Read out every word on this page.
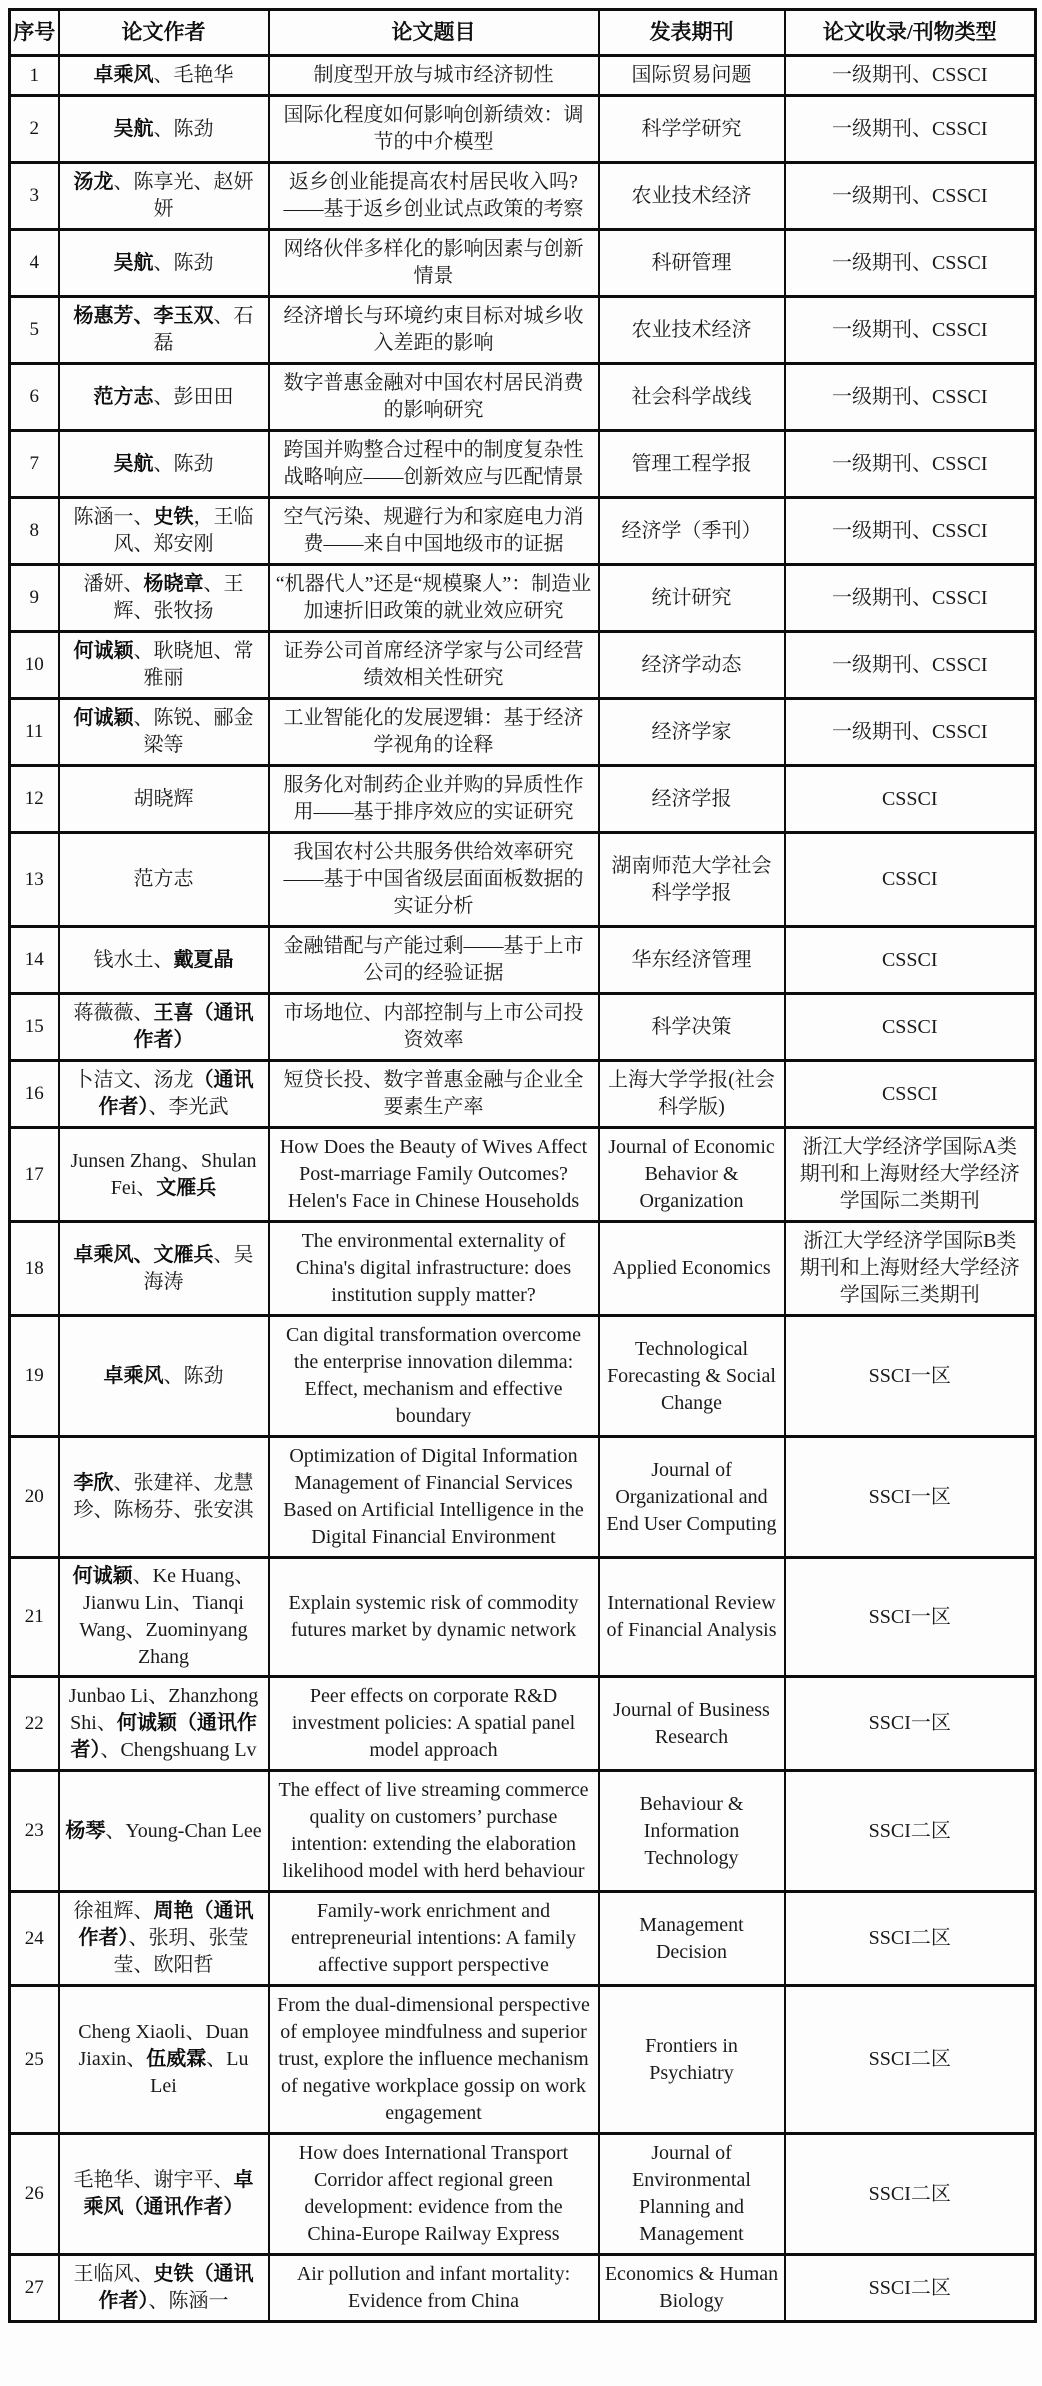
序号	论文作者	论文题目	发表期刊	论文收录/刊物类型
1	卓乘风、毛艳华	制度型开放与城市经济韧性	国际贸易问题	一级期刊、CSSCI
2	吴航、陈劲	国际化程度如何影响创新绩效：调节的中介模型	科学学研究	一级期刊、CSSCI
3	汤龙、陈享光、赵妍妍	返乡创业能提高农村居民收入吗?——基于返乡创业试点政策的考察	农业技术经济	一级期刊、CSSCI
4	吴航、陈劲	网络伙伴多样化的影响因素与创新情景	科研管理	一级期刊、CSSCI
5	杨惠芳、李玉双、石磊	经济增长与环境约束目标对城乡收入差距的影响	农业技术经济	一级期刊、CSSCI
6	范方志、彭田田	数字普惠金融对中国农村居民消费的影响研究	社会科学战线	一级期刊、CSSCI
7	吴航、陈劲	跨国并购整合过程中的制度复杂性战略响应——创新效应与匹配情景	管理工程学报	一级期刊、CSSCI
8	陈涵一、史铁，王临风、郑安刚	空气污染、规避行为和家庭电力消费——来自中国地级市的证据	经济学（季刊）	一级期刊、CSSCI
9	潘妍、杨晓章、王辉、张牧扬	“机器代人”还是“规模聚人”：制造业加速折旧政策的就业效应研究	统计研究	一级期刊、CSSCI
10	何诚颖、耿晓旭、常雅丽	证券公司首席经济学家与公司经营绩效相关性研究	经济学动态	一级期刊、CSSCI
11	何诚颖、陈锐、郦金梁等	工业智能化的发展逻辑：基于经济学视角的诠释	经济学家	一级期刊、CSSCI
12	胡晓辉	服务化对制药企业并购的异质性作用——基于排序效应的实证研究	经济学报	CSSCI
13	范方志	我国农村公共服务供给效率研究——基于中国省级层面面板数据的实证分析	湖南师范大学社会科学学报	CSSCI
14	钱水土、戴夏晶	金融错配与产能过剩——基于上市公司的经验证据	华东经济管理	CSSCI
15	蒋薇薇、王喜（通讯作者）	市场地位、内部控制与上市公司投资效率	科学决策	CSSCI
16	卜洁文、汤龙（通讯作者）、李光武	短贷长投、数字普惠金融与企业全要素生产率	上海大学学报(社会科学版)	CSSCI
17	Junsen Zhang、Shulan Fei、文雁兵	How Does the Beauty of Wives Affect Post-marriage Family Outcomes? Helen's Face in Chinese Households	Journal of Economic Behavior & Organization	浙江大学经济学国际A类期刊和上海财经大学经济学国际二类期刊
18	卓乘风、文雁兵、吴海涛	The environmental externality of China's digital infrastructure: does institution supply matter?	Applied Economics	浙江大学经济学国际B类期刊和上海财经大学经济学国际三类期刊
19	卓乘风、陈劲	Can digital transformation overcome the enterprise innovation dilemma: Effect, mechanism and effective boundary	Technological Forecasting & Social Change	SSCI一区
20	李欣、张建祥、龙慧珍、陈杨芬、张安淇	Optimization of Digital Information Management of Financial Services Based on Artificial Intelligence in the Digital Financial Environment	Journal of Organizational and End User Computing	SSCI一区
21	何诚颖、Ke Huang、Jianwu Lin、Tianqi Wang、Zuominyang Zhang	Explain systemic risk of commodity futures market by dynamic network	International Review of Financial Analysis	SSCI一区
22	Junbao Li、Zhanzhong Shi、何诚颖（通讯作者）、Chengshuang Lv	Peer effects on corporate R&D investment policies: A spatial panel model approach	Journal of Business Research	SSCI一区
23	杨琴、Young-Chan Lee	The effect of live streaming commerce quality on customers’ purchase intention: extending the elaboration likelihood model with herd behaviour	Behaviour & Information Technology	SSCI二区
24	徐祖辉、周艳（通讯作者）、张玥、张莹莹、欧阳哲	Family-work enrichment and entrepreneurial intentions: A family affective support perspective	Management Decision	SSCI二区
25	Cheng Xiaoli、Duan Jiaxin、伍威霖、Lu Lei	From the dual-dimensional perspective of employee mindfulness and superior trust, explore the influence mechanism of negative workplace gossip on work engagement	Frontiers in Psychiatry	SSCI二区
26	毛艳华、谢宇平、卓乘风（通讯作者）	How does International Transport Corridor affect regional green development: evidence from the China-Europe Railway Express	Journal of Environmental Planning and Management	SSCI二区
27	王临风、史铁（通讯作者）、陈涵一	Air pollution and infant mortality: Evidence from China	Economics & Human Biology	SSCI二区
